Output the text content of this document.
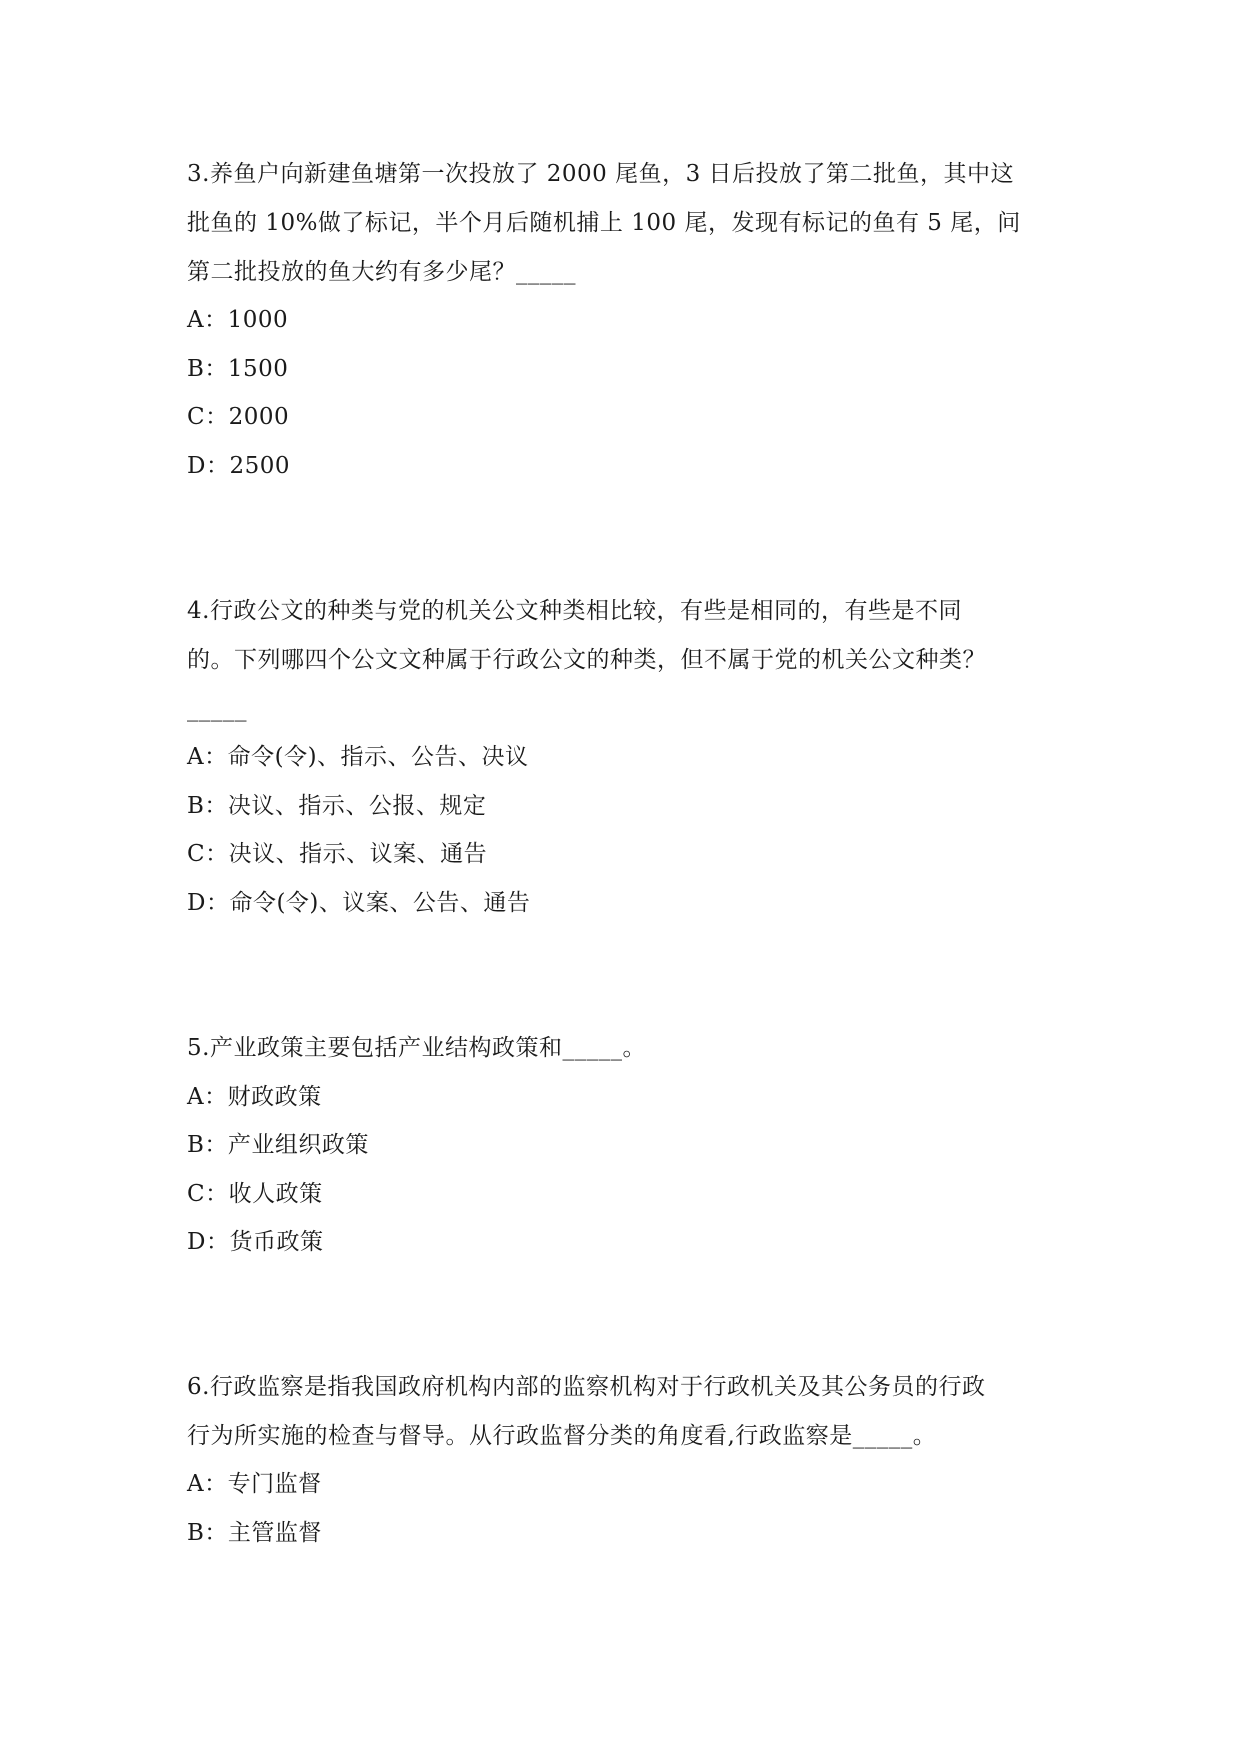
3.养鱼户向新建鱼塘第一次投放了 2000 尾鱼，3 日后投放了第二批鱼，其中这
批鱼的 10%做了标记，半个月后随机捕上 100 尾，发现有标记的鱼有 5 尾，问
第二批投放的鱼大约有多少尾？_____
A：1000
B：1500
C：2000
D：2500
4.行政公文的种类与党的机关公文种类相比较，有些是相同的，有些是不同
的。下列哪四个公文文种属于行政公文的种类，但不属于党的机关公文种类？
_____
A：命令(令)、指示、公告、决议
B：决议、指示、公报、规定
C：决议、指示、议案、通告
D：命令(令)、议案、公告、通告
5.产业政策主要包括产业结构政策和_____。
A：财政政策
B：产业组织政策
C：收人政策
D：货币政策
6.行政监察是指我国政府机构内部的监察机构对于行政机关及其公务员的行政
行为所实施的检查与督导。从行政监督分类的角度看,行政监察是_____。
A：专门监督
B：主管监督
